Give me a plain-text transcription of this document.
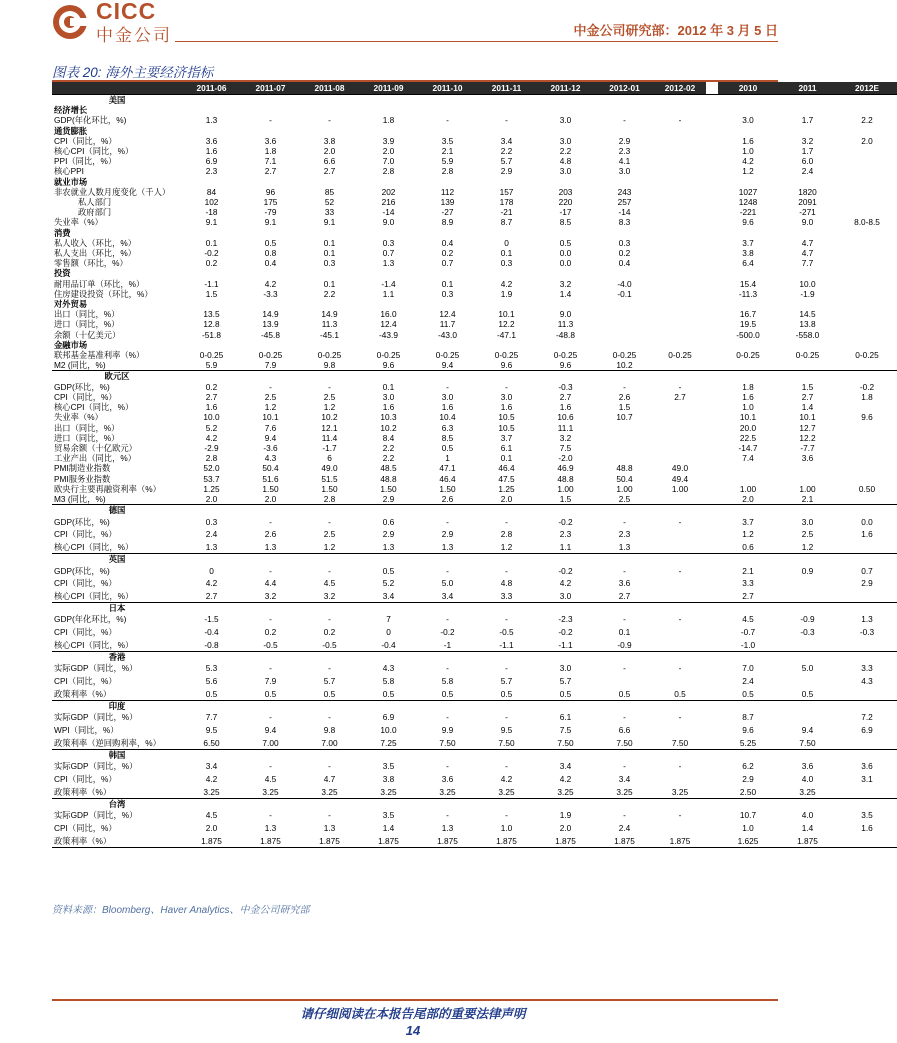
CICC
中金公司	中金公司研究部：2012 年 3 月 5 日
图表 20: 海外主要经济指标
	2011-06	2011-07	2011-08	2011-09	2011-10	2011-11	2011-12	2012-01	2012-02		2010	2011	2012E
美国													
经济增长													
GDP(年化环比，%)	1.3	-	-	1.8	-	-	3.0	-	-		3.0	1.7	2.2
通货膨胀													
CPI（同比，%）	3.6	3.6	3.8	3.9	3.5	3.4	3.0	2.9			1.6	3.2	2.0
核心CPI（同比，%）	1.6	1.8	2.0	2.0	2.1	2.2	2.2	2.3			1.0	1.7	
PPI（同比，%）	6.9	7.1	6.6	7.0	5.9	5.7	4.8	4.1			4.2	6.0	
核心PPI	2.3	2.7	2.7	2.8	2.8	2.9	3.0	3.0			1.2	2.4	
就业市场													
非农就业人数月度变化（千人）	84	96	85	202	112	157	203	243			1027	1820	
私人部门	102	175	52	216	139	178	220	257			1248	2091	
政府部门	-18	-79	33	-14	-27	-21	-17	-14			-221	-271	
失业率（%）	9.1	9.1	9.1	9.0	8.9	8.7	8.5	8.3			9.6	9.0	8.0-8.5
消费													
私人收入（环比，%）	0.1	0.5	0.1	0.3	0.4	0	0.5	0.3			3.7	4.7	
私人支出（环比，%）	-0.2	0.8	0.1	0.7	0.2	0.1	0.0	0.2			3.8	4.7	
零售额（环比，%）	0.2	0.4	0.3	1.3	0.7	0.3	0.0	0.4			6.4	7.7	
投资													
耐用品订单（环比，%）	-1.1	4.2	0.1	-1.4	0.1	4.2	3.2	-4.0			15.4	10.0	
住房建设投资（环比，%）	1.5	-3.3	2.2	1.1	0.3	1.9	1.4	-0.1			-11.3	-1.9	
对外贸易													
出口（同比，%）	13.5	14.9	14.9	16.0	12.4	10.1	9.0				16.7	14.5	
进口（同比，%）	12.8	13.9	11.3	12.4	11.7	12.2	11.3				19.5	13.8	
余额（十亿美元）	-51.8	-45.8	-45.1	-43.9	-43.0	-47.1	-48.8				-500.0	-558.0	
金融市场													
联邦基金基准利率（%）	0-0.25	0-0.25	0-0.25	0-0.25	0-0.25	0-0.25	0-0.25	0-0.25	0-0.25		0-0.25	0-0.25	0-0.25
M2 (同比，%)	5.9	7.9	9.8	9.6	9.4	9.6	9.6	10.2					
欧元区													
GDP(环比，%)	0.2	-	-	0.1	-	-	-0.3	-	-		1.8	1.5	-0.2
CPI（同比，%）	2.7	2.5	2.5	3.0	3.0	3.0	2.7	2.6	2.7		1.6	2.7	1.8
核心CPI（同比，%）	1.6	1.2	1.2	1.6	1.6	1.6	1.6	1.5			1.0	1.4	
失业率（%）	10.0	10.1	10.2	10.3	10.4	10.5	10.6	10.7			10.1	10.1	9.6
出口（同比，%）	5.2	7.6	12.1	10.2	6.3	10.5	11.1				20.0	12.7	
进口（同比，%）	4.2	9.4	11.4	8.4	8.5	3.7	3.2				22.5	12.2	
贸易余额（十亿欧元）	-2.9	-3.6	-1.7	2.2	0.5	6.1	7.5				-14.7	-7.7	
工业产出（同比，%）	2.8	4.3	6	2.2	1	0.1	-2.0				7.4	3.6	
PMI制造业指数	52.0	50.4	49.0	48.5	47.1	46.4	46.9	48.8	49.0				
PMI服务业指数	53.7	51.6	51.5	48.8	46.4	47.5	48.8	50.4	49.4				
欧央行主要再融资利率（%）	1.25	1.50	1.50	1.50	1.50	1.25	1.00	1.00	1.00		1.00	1.00	0.50
M3 (同比，%)	2.0	2.0	2.8	2.9	2.6	2.0	1.5	2.5			2.0	2.1	
德国													
GDP(环比，%)	0.3	-	-	0.6	-	-	-0.2	-	-		3.7	3.0	0.0
CPI（同比，%）	2.4	2.6	2.5	2.9	2.9	2.8	2.3	2.3			1.2	2.5	1.6
核心CPI（同比，%）	1.3	1.3	1.2	1.3	1.3	1.2	1.1	1.3			0.6	1.2	
英国													
GDP(环比，%)	0	-	-	0.5	-	-	-0.2	-	-		2.1	0.9	0.7
CPI（同比，%）	4.2	4.4	4.5	5.2	5.0	4.8	4.2	3.6			3.3		2.9
核心CPI（同比，%）	2.7	3.2	3.2	3.4	3.4	3.3	3.0	2.7			2.7		
日本													
GDP(年化环比，%)	-1.5	-	-	7	-	-	-2.3	-	-		4.5	-0.9	1.3
CPI（同比，%）	-0.4	0.2	0.2	0	-0.2	-0.5	-0.2	0.1			-0.7	-0.3	-0.3
核心CPI（同比，%）	-0.8	-0.5	-0.5	-0.4	-1	-1.1	-1.1	-0.9			-1.0		
香港													
实际GDP（同比，%）	5.3	-	-	4.3	-	-	3.0	-	-		7.0	5.0	3.3
CPI（同比，%）	5.6	7.9	5.7	5.8	5.8	5.7	5.7				2.4		4.3
政策利率（%）	0.5	0.5	0.5	0.5	0.5	0.5	0.5	0.5	0.5		0.5	0.5	
印度													
实际GDP（同比，%）	7.7	-	-	6.9	-	-	6.1	-	-		8.7		7.2
WPI（同比，%）	9.5	9.4	9.8	10.0	9.9	9.5	7.5	6.6			9.6	9.4	6.9
政策利率（逆回购利率，%）	6.50	7.00	7.00	7.25	7.50	7.50	7.50	7.50	7.50		5.25	7.50	
韩国													
实际GDP（同比，%）	3.4	-	-	3.5	-	-	3.4	-	-		6.2	3.6	3.6
CPI（同比，%）	4.2	4.5	4.7	3.8	3.6	4.2	4.2	3.4			2.9	4.0	3.1
政策利率（%）	3.25	3.25	3.25	3.25	3.25	3.25	3.25	3.25	3.25		2.50	3.25	
台湾													
实际GDP（同比，%）	4.5	-	-	3.5	-	-	1.9	-	-		10.7	4.0	3.5
CPI（同比，%）	2.0	1.3	1.3	1.4	1.3	1.0	2.0	2.4			1.0	1.4	1.6
政策利率（%）	1.875	1.875	1.875	1.875	1.875	1.875	1.875	1.875	1.875		1.625	1.875	
资料来源：Bloomberg、Haver Analytics、中金公司研究部
请仔细阅读在本报告尾部的重要法律声明
14
